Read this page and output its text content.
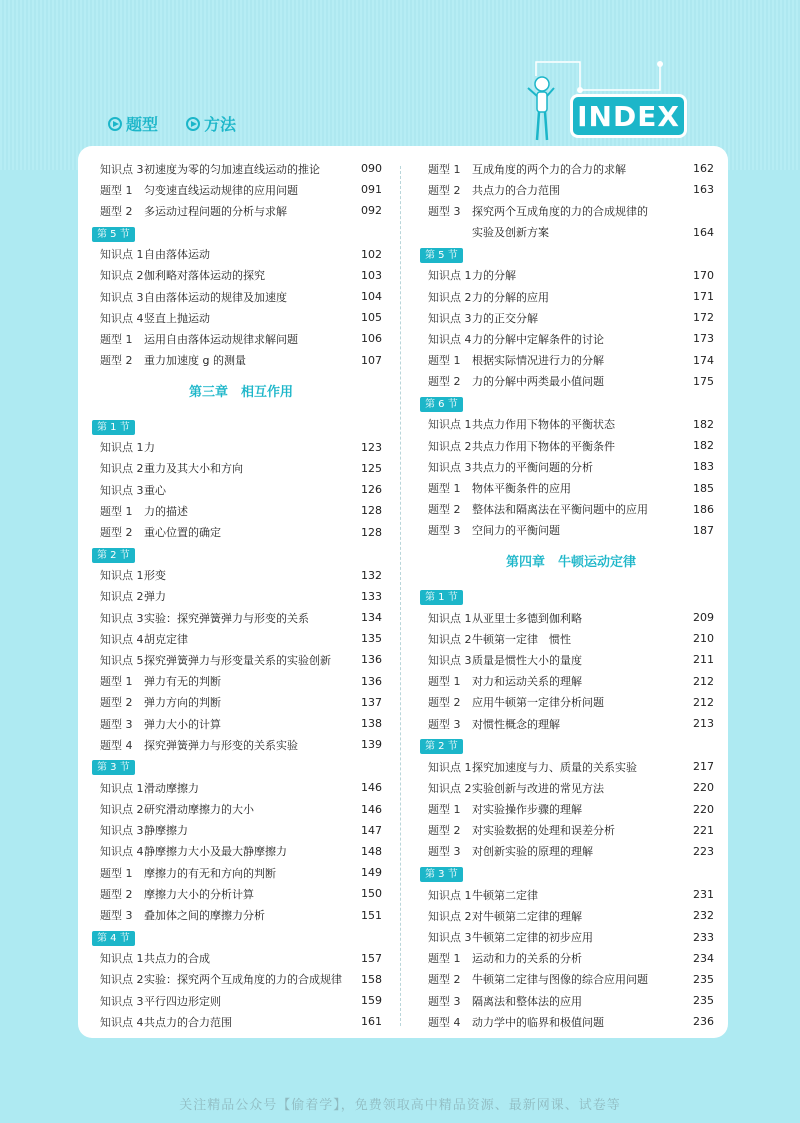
题型	方法	INDEX
知识点 3 初速度为零的匀加速直线运动的推论	090
题型 1	匀变速直线运动规律的应用问题	091
题型 2	多运动过程问题的分析与求解	092
第 5 节
知识点 1 自由落体运动	102
知识点 2 伽利略对落体运动的探究	103
知识点 3 自由落体运动的规律及加速度	104
知识点 4 竖直上抛运动	105
题型 1	运用自由落体运动规律求解问题	106
题型 2	重力加速度 g 的测量	107
第三章　相互作用
第 1 节
知识点 1 力	123
知识点 2 重力及其大小和方向	125
知识点 3 重心	126
题型 1	力的描述	128
题型 2	重心位置的确定	128
第 2 节
知识点 1 形变	132
知识点 2 弹力	133
知识点 3 实验：探究弹簧弹力与形变的关系	134
知识点 4 胡克定律	135
知识点 5 探究弹簧弹力与形变量关系的实验创新	136
题型 1	弹力有无的判断	136
题型 2	弹力方向的判断	137
题型 3	弹力大小的计算	138
题型 4	探究弹簧弹力与形变的关系实验	139
第 3 节
知识点 1 滑动摩擦力	146
知识点 2 研究滑动摩擦力的大小	146
知识点 3 静摩擦力	147
知识点 4 静摩擦力大小及最大静摩擦力	148
题型 1	摩擦力的有无和方向的判断	149
题型 2	摩擦力大小的分析计算	150
题型 3	叠加体之间的摩擦力分析	151
第 4 节
知识点 1 共点力的合成	157
知识点 2 实验：探究两个互成角度的力的合成规律	158
知识点 3 平行四边形定则	159
知识点 4 共点力的合力范围	161
题型 1	互成角度的两个力的合力的求解	162
题型 2	共点力的合力范围	163
题型 3	探究两个互成角度的力的合成规律的
实验及创新方案	164
第 5 节
知识点 1 力的分解	170
知识点 2 力的分解的应用	171
知识点 3 力的正交分解	172
知识点 4 力的分解中定解条件的讨论	173
题型 1	根据实际情况进行力的分解	174
题型 2	力的分解中两类最小值问题	175
第 6 节
知识点 1 共点力作用下物体的平衡状态	182
知识点 2 共点力作用下物体的平衡条件	182
知识点 3 共点力的平衡问题的分析	183
题型 1	物体平衡条件的应用	185
题型 2	整体法和隔离法在平衡问题中的应用	186
题型 3	空间力的平衡问题	187
第四章　牛顿运动定律
第 1 节
知识点 1 从亚里士多德到伽利略	209
知识点 2 牛顿第一定律　惯性	210
知识点 3 质量是惯性大小的量度	211
题型 1	对力和运动关系的理解	212
题型 2	应用牛顿第一定律分析问题	212
题型 3	对惯性概念的理解	213
第 2 节
知识点 1 探究加速度与力、质量的关系实验	217
知识点 2 实验创新与改进的常见方法	220
题型 1	对实验操作步骤的理解	220
题型 2	对实验数据的处理和误差分析	221
题型 3	对创新实验的原理的理解	223
第 3 节
知识点 1 牛顿第二定律	231
知识点 2 对牛顿第二定律的理解	232
知识点 3 牛顿第二定律的初步应用	233
题型 1	运动和力的关系的分析	234
题型 2	牛顿第二定律与图像的综合应用问题	235
题型 3	隔离法和整体法的应用	235
题型 4	动力学中的临界和极值问题	236
关注精品公众号【偷着学】，免费领取高中精品资源、最新网课、试卷等
